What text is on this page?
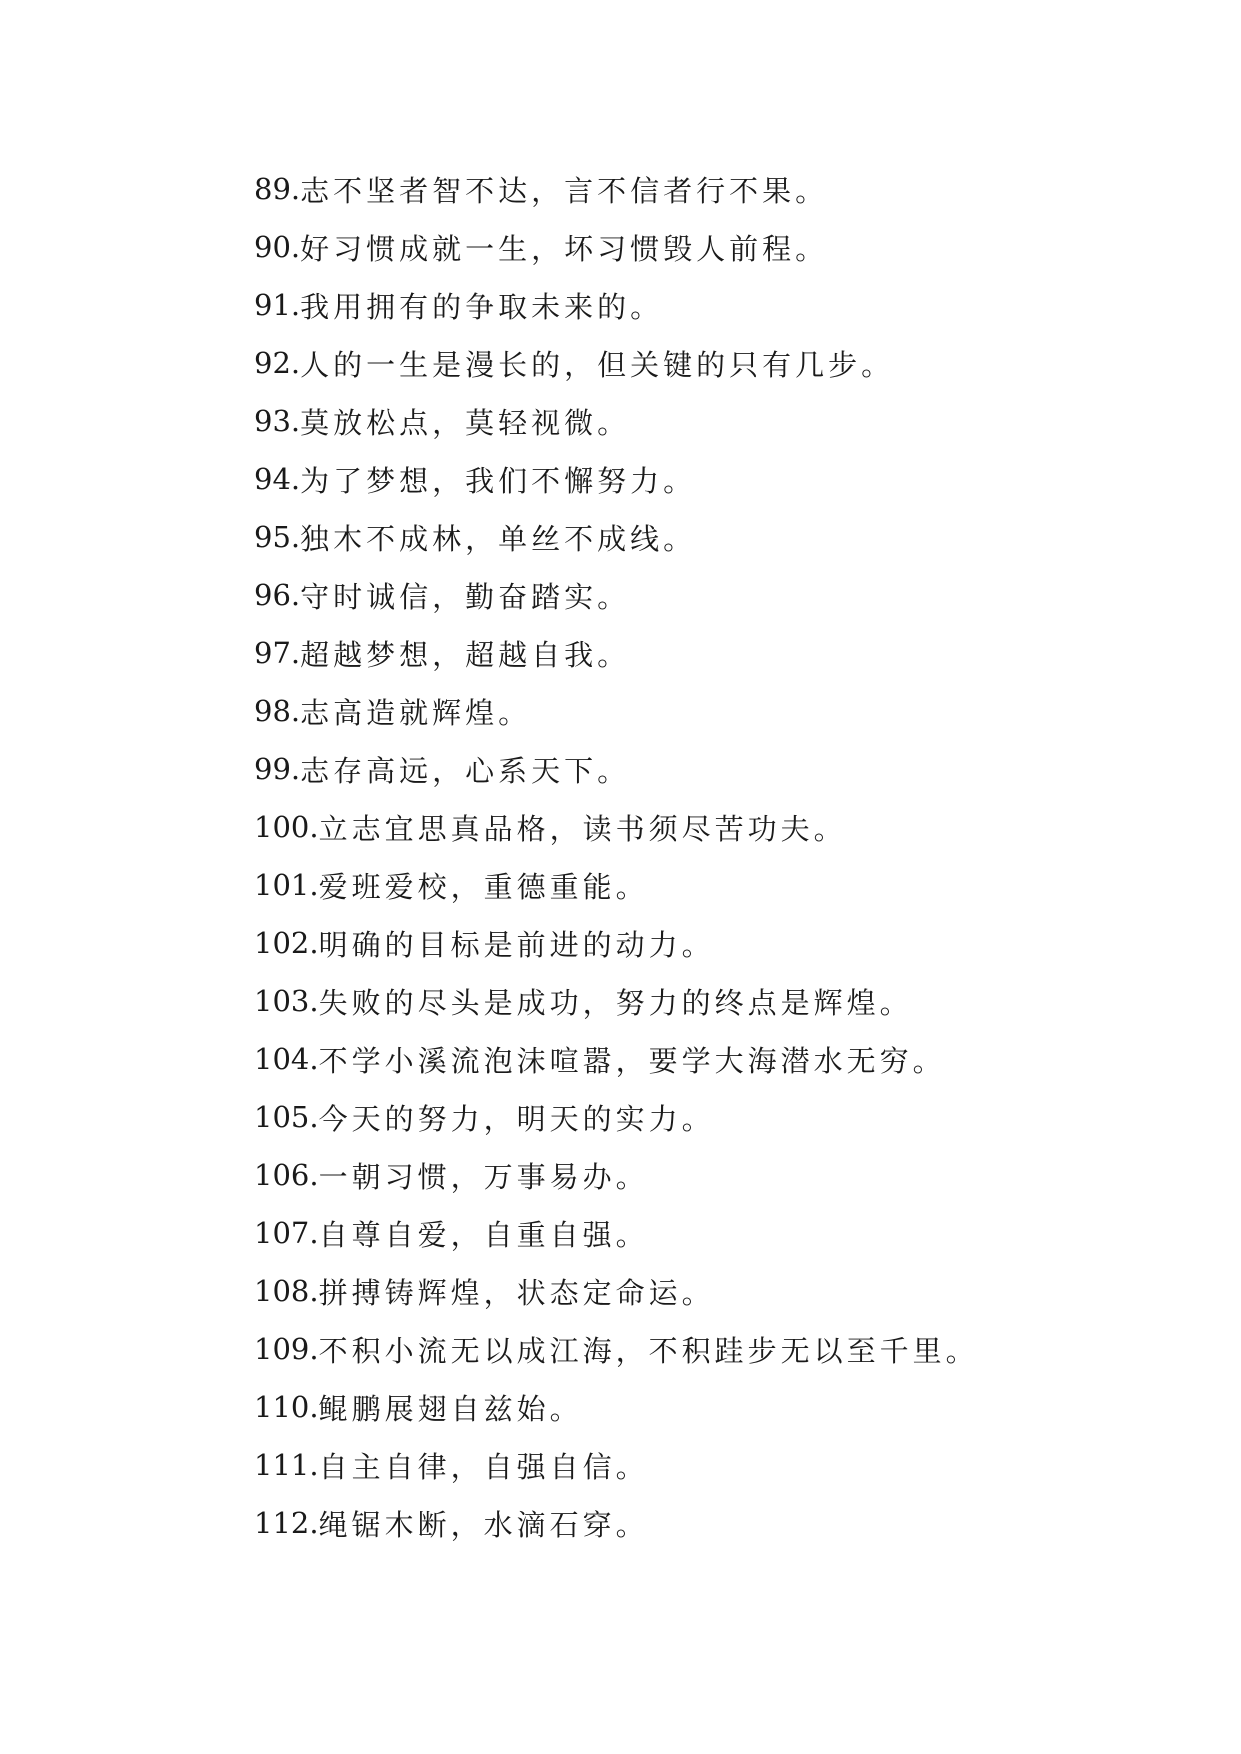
89. 志不坚者智不达，言不信者行不果。
90. 好习惯成就一生，坏习惯毁人前程。
91. 我用拥有的争取未来的。
92. 人的一生是漫长的，但关键的只有几步。
93. 莫放松点，莫轻视微。
94. 为了梦想，我们不懈努力。
95. 独木不成林，单丝不成线。
96. 守时诚信，勤奋踏实。
97. 超越梦想，超越自我。
98. 志高造就辉煌。
99. 志存高远，心系天下。
100. 立志宜思真品格，读书须尽苦功夫。
101. 爱班爱校，重德重能。
102. 明确的目标是前进的动力。
103. 失败的尽头是成功，努力的终点是辉煌。
104. 不学小溪流泡沫喧嚣，要学大海潜水无穷。
105. 今天的努力，明天的实力。
106. 一朝习惯，万事易办。
107. 自尊自爱，自重自强。
108. 拼搏铸辉煌，状态定命运。
109. 不积小流无以成江海，不积跬步无以至千里。
110. 鲲鹏展翅自兹始。
111. 自主自律，自强自信。
112. 绳锯木断，水滴石穿。
